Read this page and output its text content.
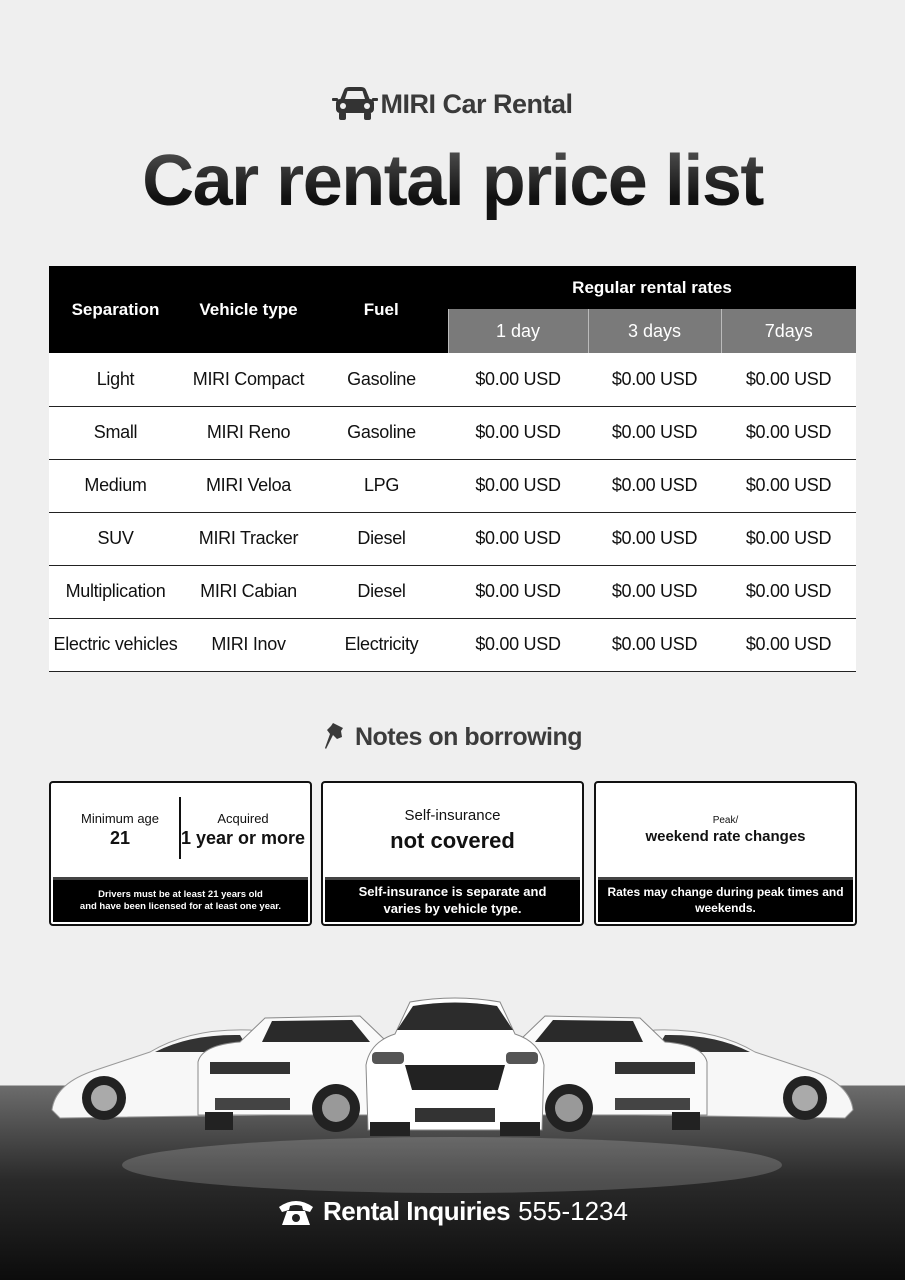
MIRI Car Rental
Car rental price list
Separation	Vehicle type	Fuel	Regular rental rates		
			1 day	3 days	7days
Light	MIRI Compact	Gasoline	$0.00 USD	$0.00 USD	$0.00 USD
Small	MIRI Reno	Gasoline	$0.00 USD	$0.00 USD	$0.00 USD
Medium	MIRI Veloa	LPG	$0.00 USD	$0.00 USD	$0.00 USD
SUV	MIRI Tracker	Diesel	$0.00 USD	$0.00 USD	$0.00 USD
Multiplication	MIRI Cabian	Diesel	$0.00 USD	$0.00 USD	$0.00 USD
Electric vehicles	MIRI Inov	Electricity	$0.00 USD	$0.00 USD	$0.00 USD
Notes on borrowing
Minimum age
21
Acquired
1 year or more
Drivers must be at least 21 years old
and have been licensed for at least one year.
Self-insurance
not covered
Self-insurance is separate and
varies by vehicle type.
Peak/
weekend rate changes
Rates may change during peak times and
weekends.
Rental Inquiries 555-1234
